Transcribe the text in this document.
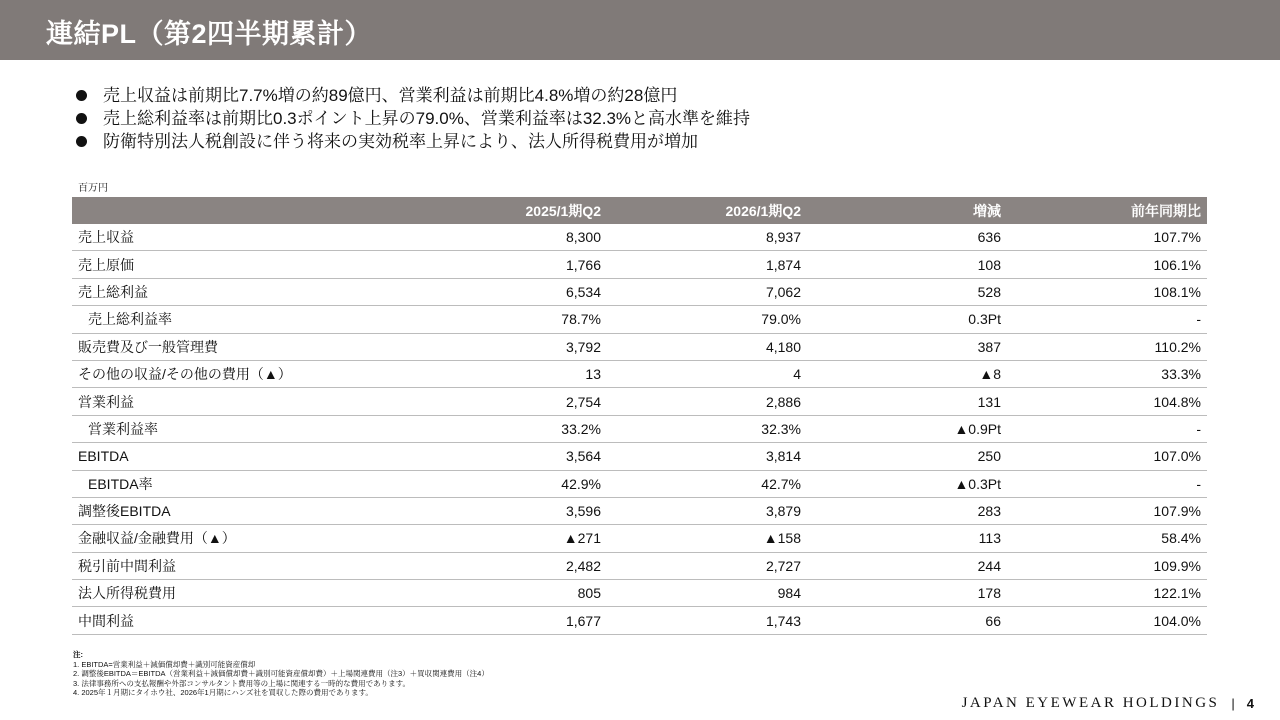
連結PL（第2四半期累計）
売上収益は前期比7.7%増の約89億円、営業利益は前期比4.8%増の約28億円
売上総利益率は前期比0.3ポイント上昇の79.0%、営業利益率は32.3%と高水準を維持
防衛特別法人税創設に伴う将来の実効税率上昇により、法人所得税費用が増加
百万円
	2025/1期Q2	2026/1期Q2	増減	前年同期比
売上収益	8,300	8,937	636	107.7%
売上原価	1,766	1,874	108	106.1%
売上総利益	6,534	7,062	528	108.1%
売上総利益率	78.7%	79.0%	0.3Pt	-
販売費及び一般管理費	3,792	4,180	387	110.2%
その他の収益/その他の費用（▲）	13	4	▲8	33.3%
営業利益	2,754	2,886	131	104.8%
営業利益率	33.2%	32.3%	▲0.9Pt	-
EBITDA	3,564	3,814	250	107.0%
EBITDA率	42.9%	42.7%	▲0.3Pt	-
調整後EBITDA	3,596	3,879	283	107.9%
金融収益/金融費用（▲）	▲271	▲158	113	58.4%
税引前中間利益	2,482	2,727	244	109.9%
法人所得税費用	805	984	178	122.1%
中間利益	1,677	1,743	66	104.0%
注:
1. EBITDA=営業利益＋減価償却費＋識別可能資産償却
2. 調整後EBITDA＝EBITDA（営業利益＋減価償却費＋識別可能資産償却費）＋上場関連費用（注3）＋買収関連費用（注4）
3. 法律事務所への支払報酬や外部コンサルタント費用等の上場に関連する一時的な費用であります。
4. 2025年１月期にタイホウ社、2026年1月期にハンズ社を買収した際の費用であります。
JAPAN EYEWEAR HOLDINGS | 4
